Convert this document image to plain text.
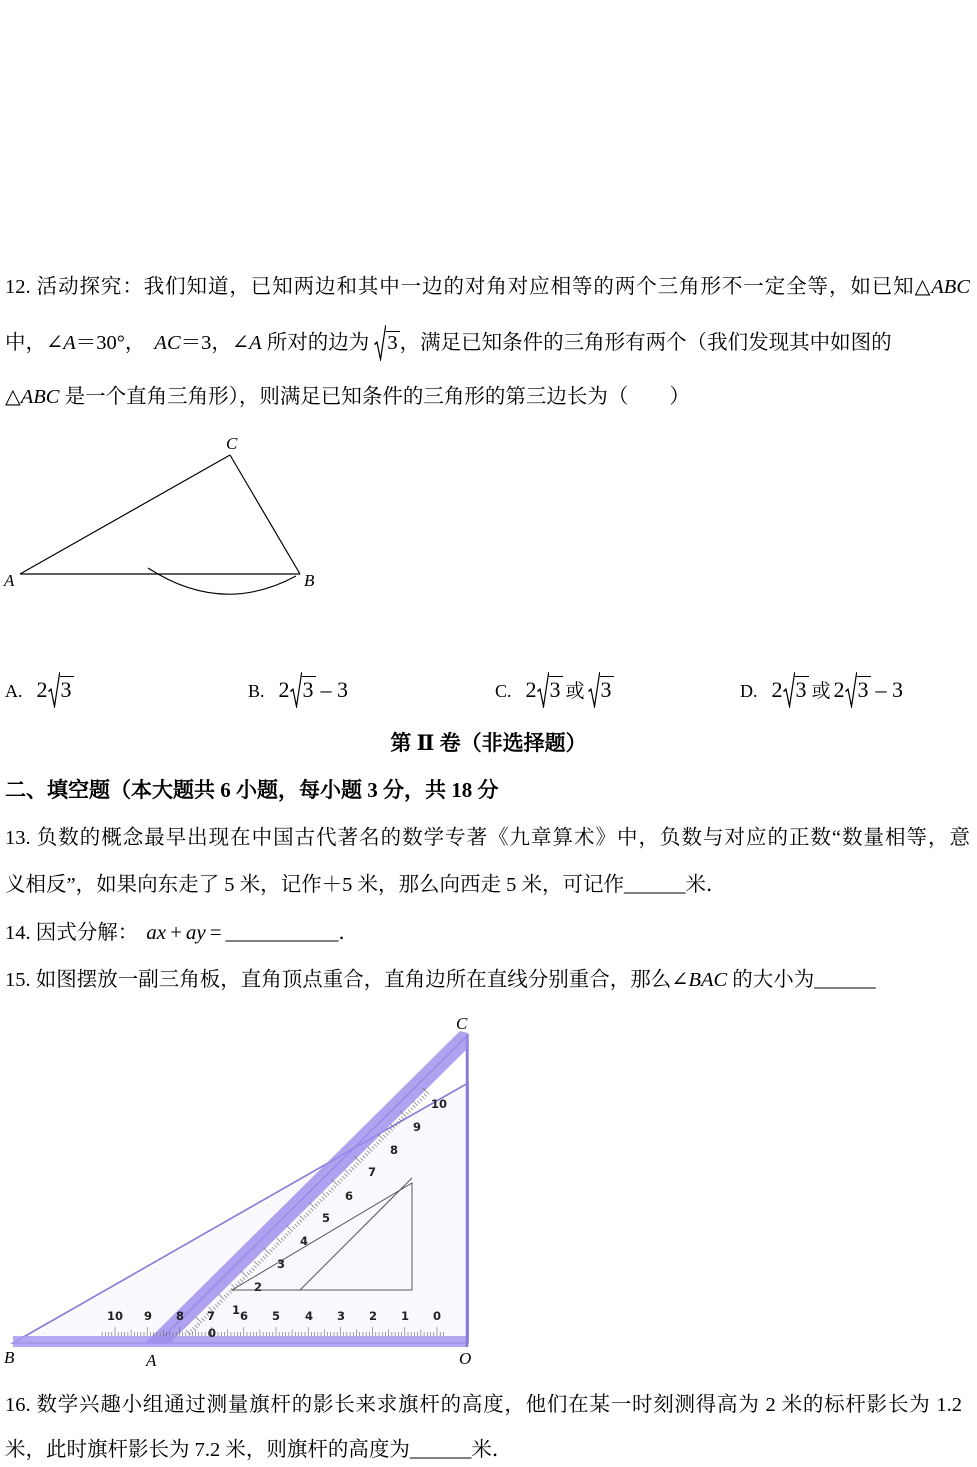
12. 活动探究：我们知道，已知两边和其中一边的对角对应相等的两个三角形不一定全等，如已知△ABC
中，∠A＝30°， AC＝3，∠A 所对的边为
3，满足已知条件的三角形有两个（我们发现其中如图的
△ABC 是一个直角三角形），则满足已知条件的三角形的第三边长为（　　）
C
A	B
A. 2 3	B. 2 3 – 3	C. 2 3 或 3	D. 2 3 或 2 3 – 3
第 Ⅱ 卷（非选择题）
二、填空题（本大题共 6 小题，每小题 3 分，共 18 分
13. 负数的概念最早出现在中国古代著名的数学专著《九章算术》中，负数与对应的正数“数量相等，意
义相反”，如果向东走了 5 米，记作＋5 米，那么向西走 5 米，可记作______米．
14. 因式分解： ax + ay = ___________．
15. 如图摆放一副三角板，直角顶点重合，直角边所在直线分别重合，那么∠BAC 的大小为______
10 9 8 7 6 5 4 3 2 1 0
0
1
2
3
4
5
6
7
8
9
10
C
B	A	O
16. 数学兴趣小组通过测量旗杆的影长来求旗杆的高度，他们在某一时刻测得高为 2 米的标杆影长为 1.2
米，此时旗杆影长为 7.2 米，则旗杆的高度为______米．
